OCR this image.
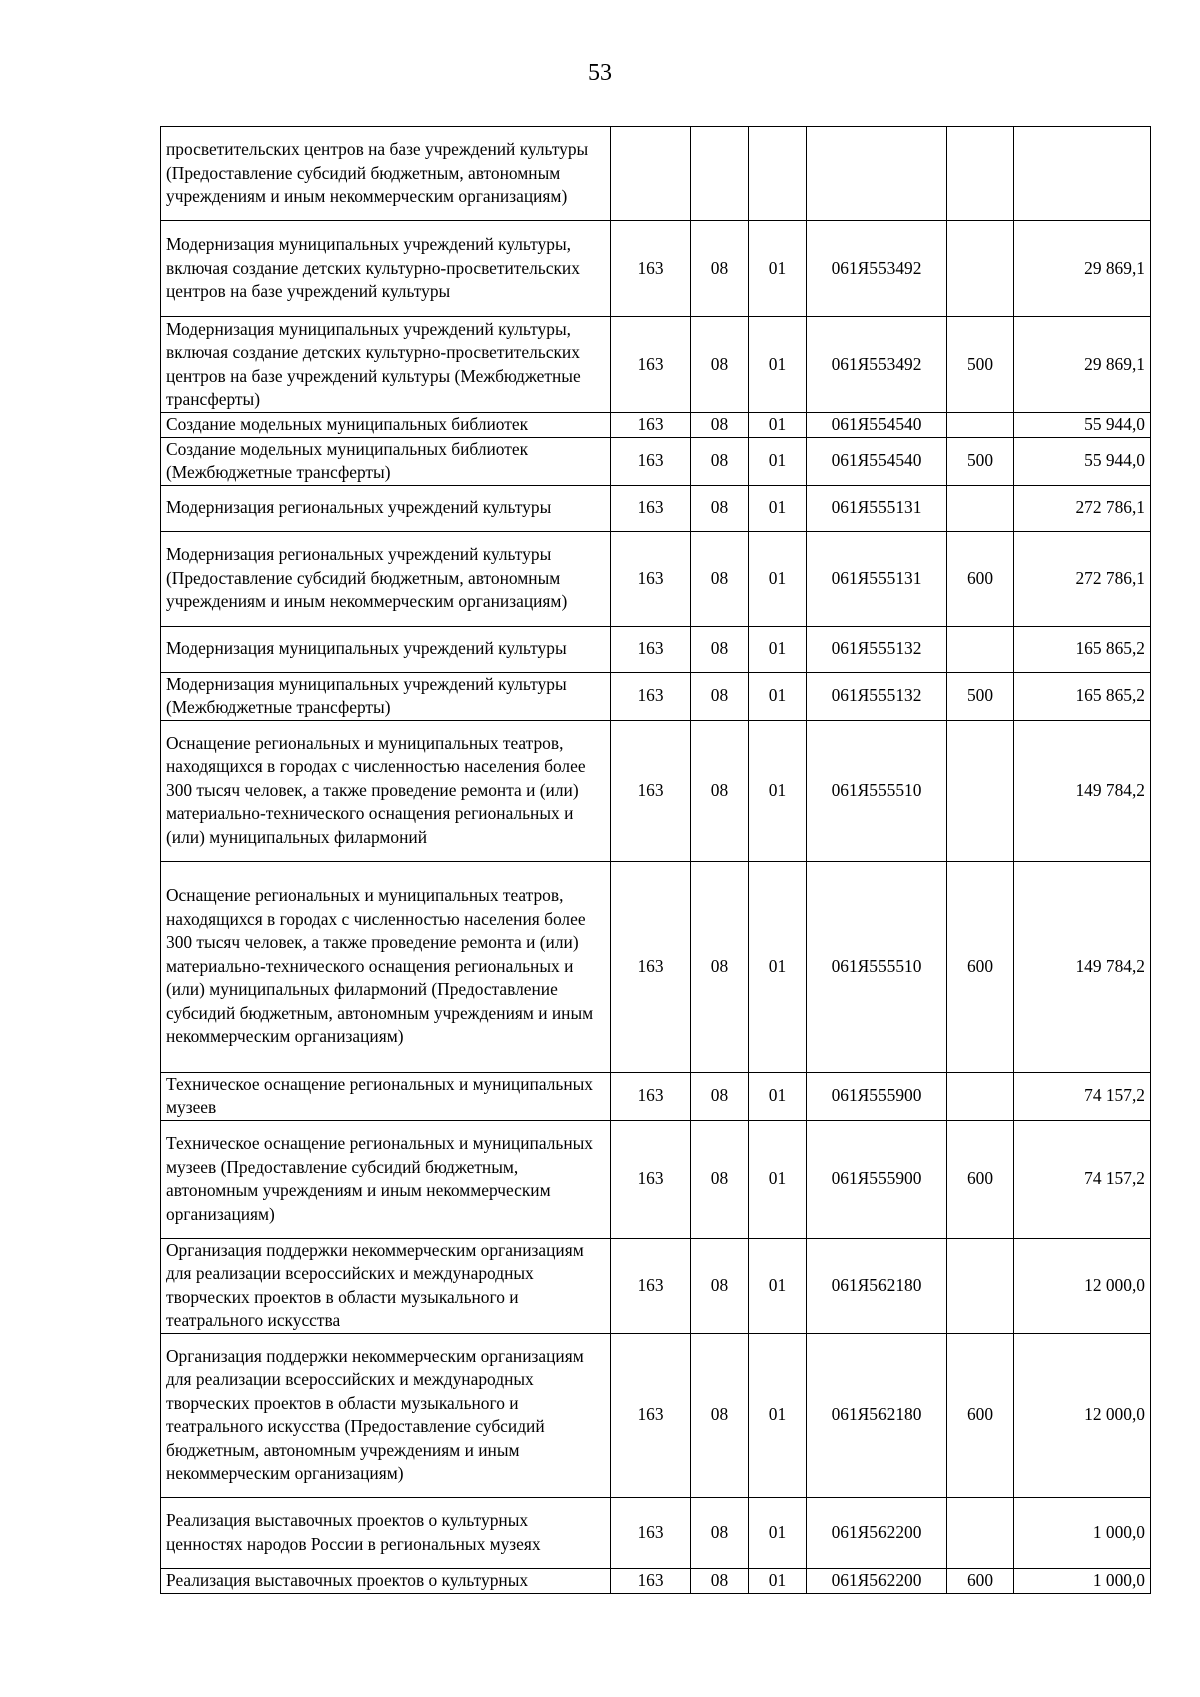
53
просветительских центров на базе учреждений культуры (Предоставление субсидий бюджетным, автономным учреждениям и иным некоммерческим организациям)						
Модернизация муниципальных учреждений культуры, включая создание детских культурно-просветительских центров на базе учреждений культуры	163	08	01	061Я553492		29 869,1
Модернизация муниципальных учреждений культуры, включая создание детских культурно-просветительских центров на базе учреждений культуры (Межбюджетные трансферты)	163	08	01	061Я553492	500	29 869,1
Создание модельных муниципальных библиотек	163	08	01	061Я554540		55 944,0
Создание модельных муниципальных библиотек (Межбюджетные трансферты)	163	08	01	061Я554540	500	55 944,0
Модернизация региональных учреждений культуры	163	08	01	061Я555131		272 786,1
Модернизация региональных учреждений культуры (Предоставление субсидий бюджетным, автономным учреждениям и иным некоммерческим организациям)	163	08	01	061Я555131	600	272 786,1
Модернизация муниципальных учреждений культуры	163	08	01	061Я555132		165 865,2
Модернизация муниципальных учреждений культуры (Межбюджетные трансферты)	163	08	01	061Я555132	500	165 865,2
Оснащение региональных и муниципальных театров, находящихся в городах с численностью населения более 300 тысяч человек, а также проведение ремонта и (или) материально-технического оснащения региональных и (или) муниципальных филармоний	163	08	01	061Я555510		149 784,2
Оснащение региональных и муниципальных театров, находящихся в городах с численностью населения более 300 тысяч человек, а также проведение ремонта и (или) материально-технического оснащения региональных и (или) муниципальных филармоний (Предоставление субсидий бюджетным, автономным учреждениям и иным некоммерческим организациям)	163	08	01	061Я555510	600	149 784,2
Техническое оснащение региональных и муниципальных музеев	163	08	01	061Я555900		74 157,2
Техническое оснащение региональных и муниципальных музеев (Предоставление субсидий бюджетным, автономным учреждениям и иным некоммерческим организациям)	163	08	01	061Я555900	600	74 157,2
Организация поддержки некоммерческим организациям для реализации всероссийских и международных творческих проектов в области музыкального и театрального искусства	163	08	01	061Я562180		12 000,0
Организация поддержки некоммерческим организациям для реализации всероссийских и международных творческих проектов в области музыкального и театрального искусства (Предоставление субсидий бюджетным, автономным учреждениям и иным некоммерческим организациям)	163	08	01	061Я562180	600	12 000,0
Реализация выставочных проектов о культурных ценностях народов России в региональных музеях	163	08	01	061Я562200		1 000,0
Реализация выставочных проектов о культурных	163	08	01	061Я562200	600	1 000,0
